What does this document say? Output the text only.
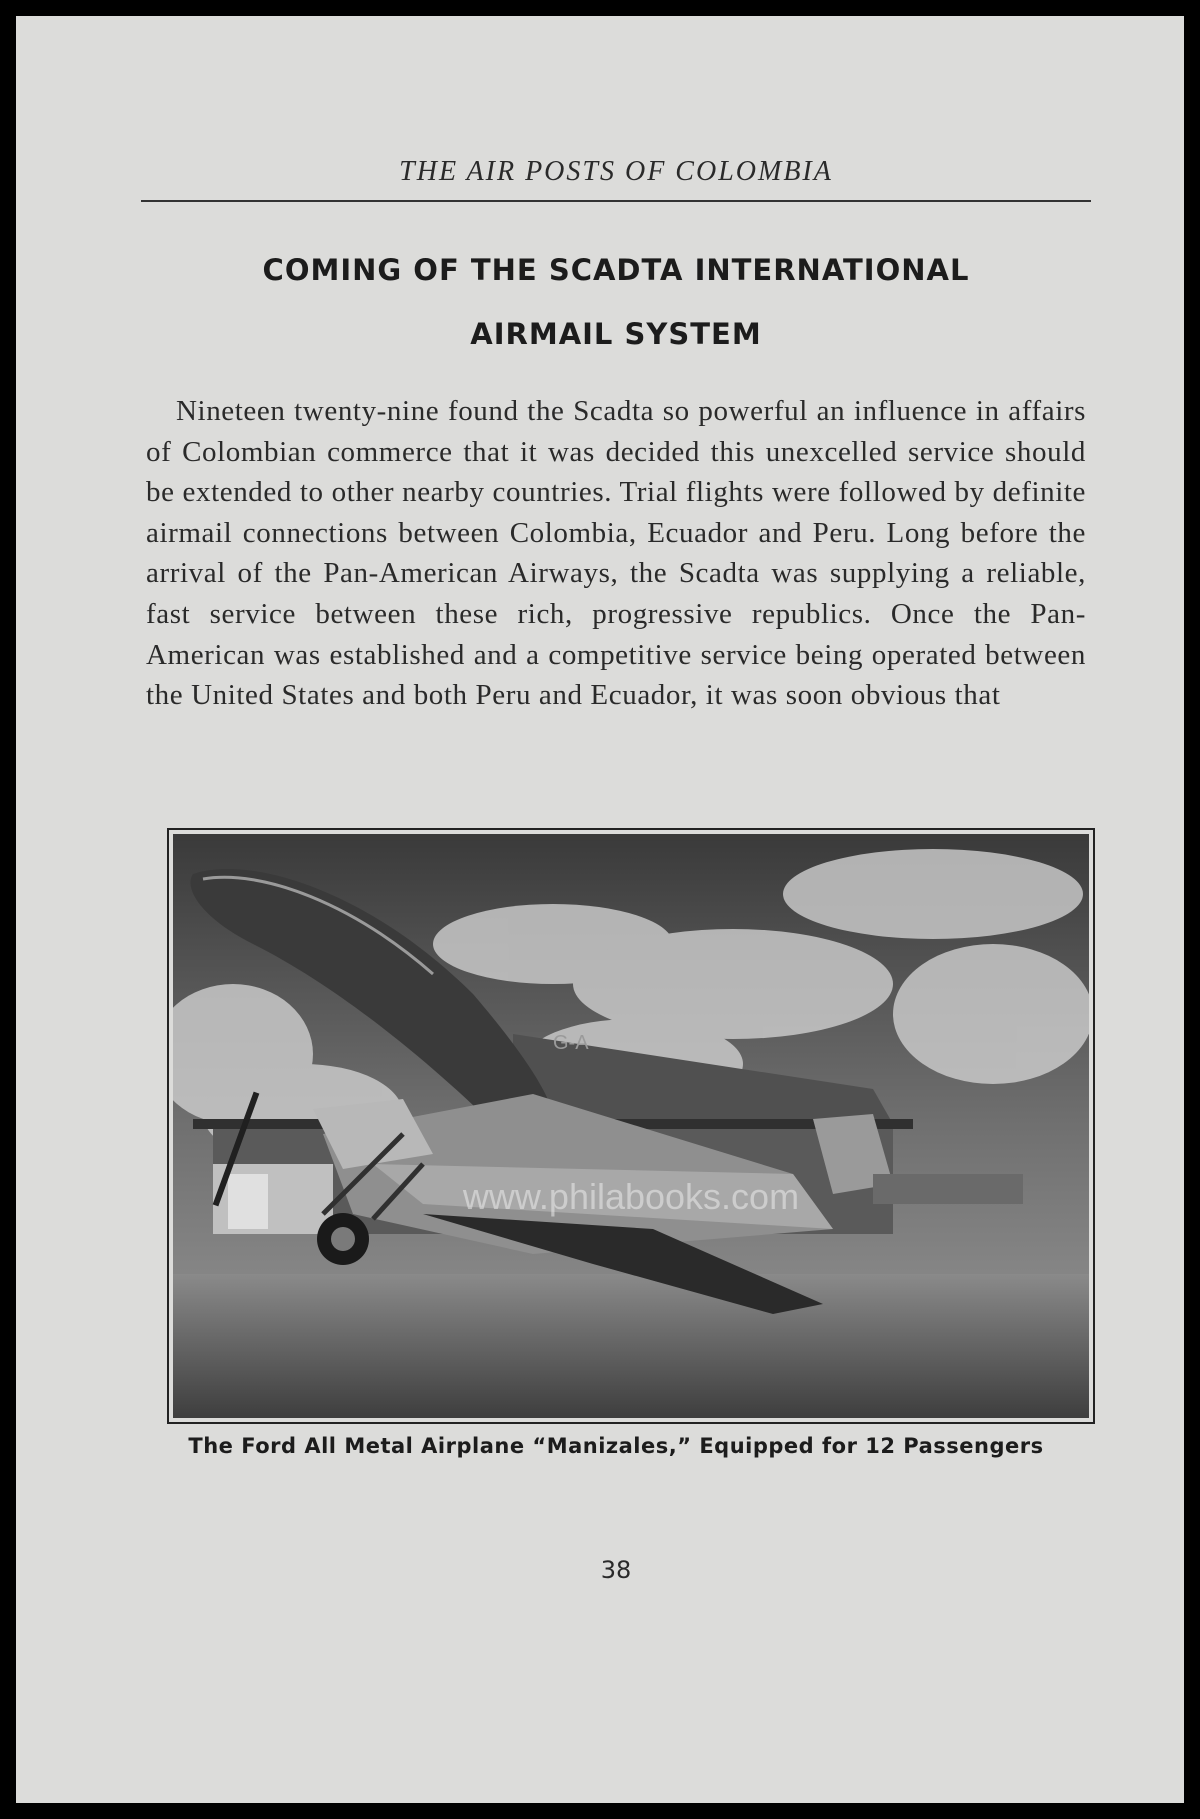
THE AIR POSTS OF COLOMBIA
COMING OF THE SCADTA INTERNATIONAL
AIRMAIL SYSTEM

Nineteen twenty-nine found the Scadta so powerful an influence in affairs of Colombian commerce that it was decided this unexcelled service should be extended to other nearby countries. Trial flights were followed by definite airmail connections between Colombia, Ecuador and Peru. Long before the arrival of the Pan-American Airways, the Scadta was supplying a reliable, fast service between these rich, progressive republics. Once the Pan-American was established and a competitive service being operated between the United States and both Peru and Ecuador, it was soon obvious that

G-A
www.philabooks.com
The Ford All Metal Airplane “Manizales,” Equipped for 12 Passengers
38
